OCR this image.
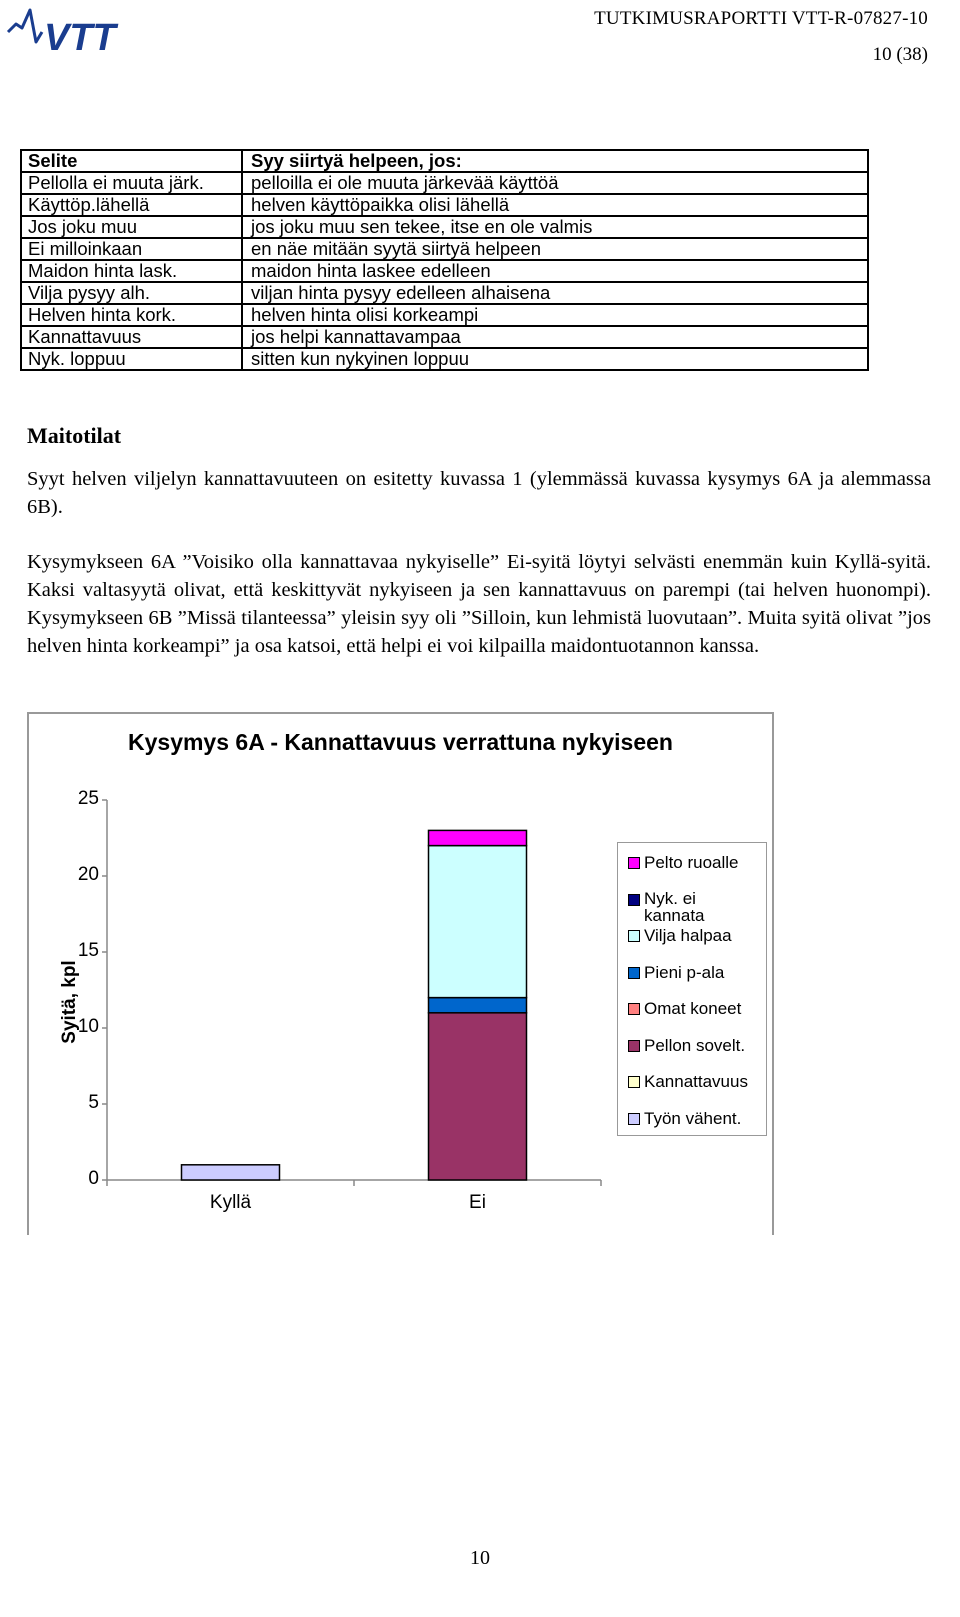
VTT	TUTKIMUSRAPORTTI VTT-R-07827-10
10 (38)
Selite	Syy siirtyä helpeen, jos:
Pellolla ei muuta järk.	pelloilla ei ole muuta järkevää käyttöä
Käyttöp.lähellä	helven käyttöpaikka olisi lähellä
Jos joku muu	jos joku muu sen tekee, itse en ole valmis
Ei milloinkaan	en näe mitään syytä siirtyä helpeen
Maidon hinta lask.	maidon hinta laskee edelleen
Vilja pysyy alh.	viljan hinta pysyy edelleen alhaisena
Helven hinta kork.	helven hinta olisi korkeampi
Kannattavuus	jos helpi kannattavampaa
Nyk. loppuu	sitten kun nykyinen loppuu
Maitotilat

Syyt helven viljelyn kannattavuuteen on esitetty kuvassa 1 (ylemmässä kuvassa kysymys 6A ja alemmassa 6B).

Kysymykseen 6A ”Voisiko olla kannattavaa nykyiselle” Ei-syitä löytyi selvästi enemmän kuin Kyllä-syitä. Kaksi valtasyytä olivat, että keskittyvät nykyiseen ja sen kannattavuus on parempi (tai helven huonompi). Kysymykseen 6B ”Missä tilanteessa” yleisin syy oli ”Silloin, kun lehmistä luovutaan”. Muita syitä olivat ”jos helven hinta korkeampi” ja osa katsoi, että helpi ei voi kilpailla maidontuotannon kanssa.

Kysymys 6A - Kannattavuus verrattuna nykyiseen
Syitä, kpl
Pelto ruoalle
Nyk. ei kannata
Vilja halpaa
Pieni p-ala
Omat koneet
Pellon sovelt.
Kannattavuus
Työn vähent.
0
5
10
15
20
25
Kyllä	Ei
10
